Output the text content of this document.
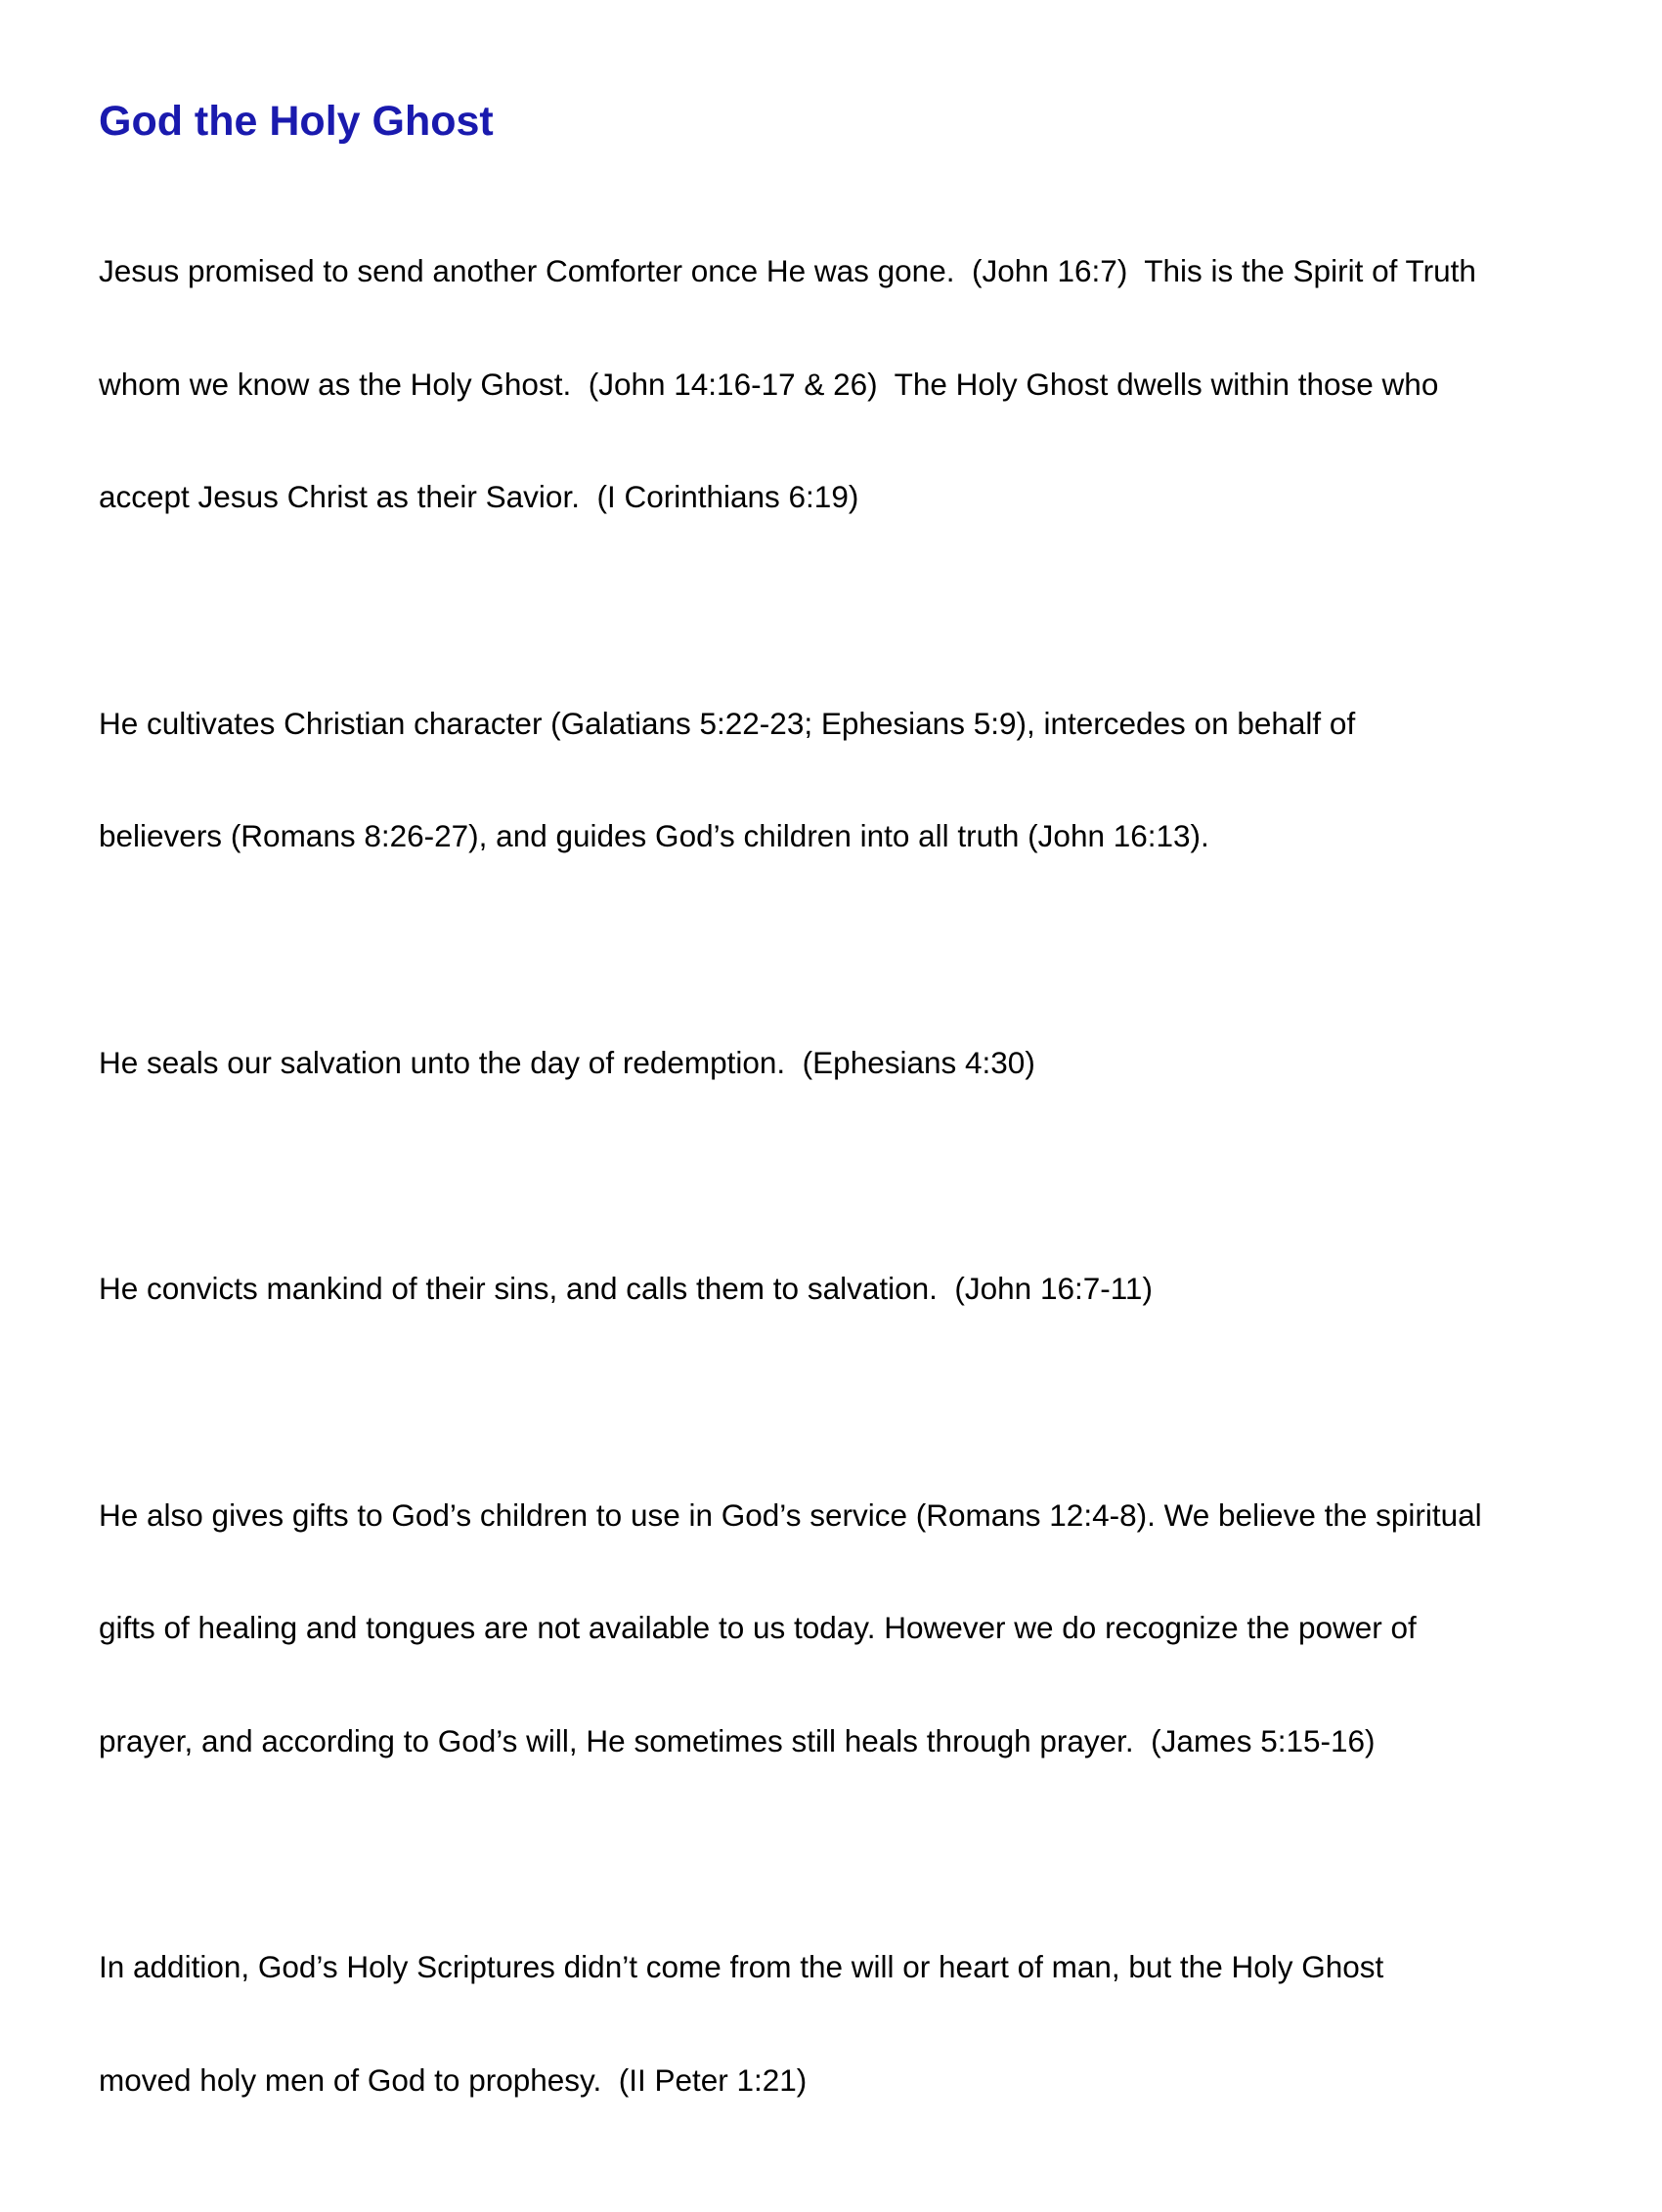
God the Holy Ghost

Jesus promised to send another Comforter once He was gone.  (John 16:7)  This is the Spirit of Truth

whom we know as the Holy Ghost.  (John 14:16-17 & 26)  The Holy Ghost dwells within those who

accept Jesus Christ as their Savior.  (I Corinthians 6:19)

He cultivates Christian character (Galatians 5:22-23; Ephesians 5:9), intercedes on behalf of

believers (Romans 8:26-27), and guides God’s children into all truth (John 16:13).

He seals our salvation unto the day of redemption.  (Ephesians 4:30)

He convicts mankind of their sins, and calls them to salvation.  (John 16:7-11)

He also gives gifts to God’s children to use in God’s service (Romans 12:4-8). We believe the spiritual

gifts of healing and tongues are not available to us today. However we do recognize the power of

prayer, and according to God’s will, He sometimes still heals through prayer.  (James 5:15-16)

In addition, God’s Holy Scriptures didn’t come from the will or heart of man, but the Holy Ghost

moved holy men of God to prophesy.  (II Peter 1:21)
